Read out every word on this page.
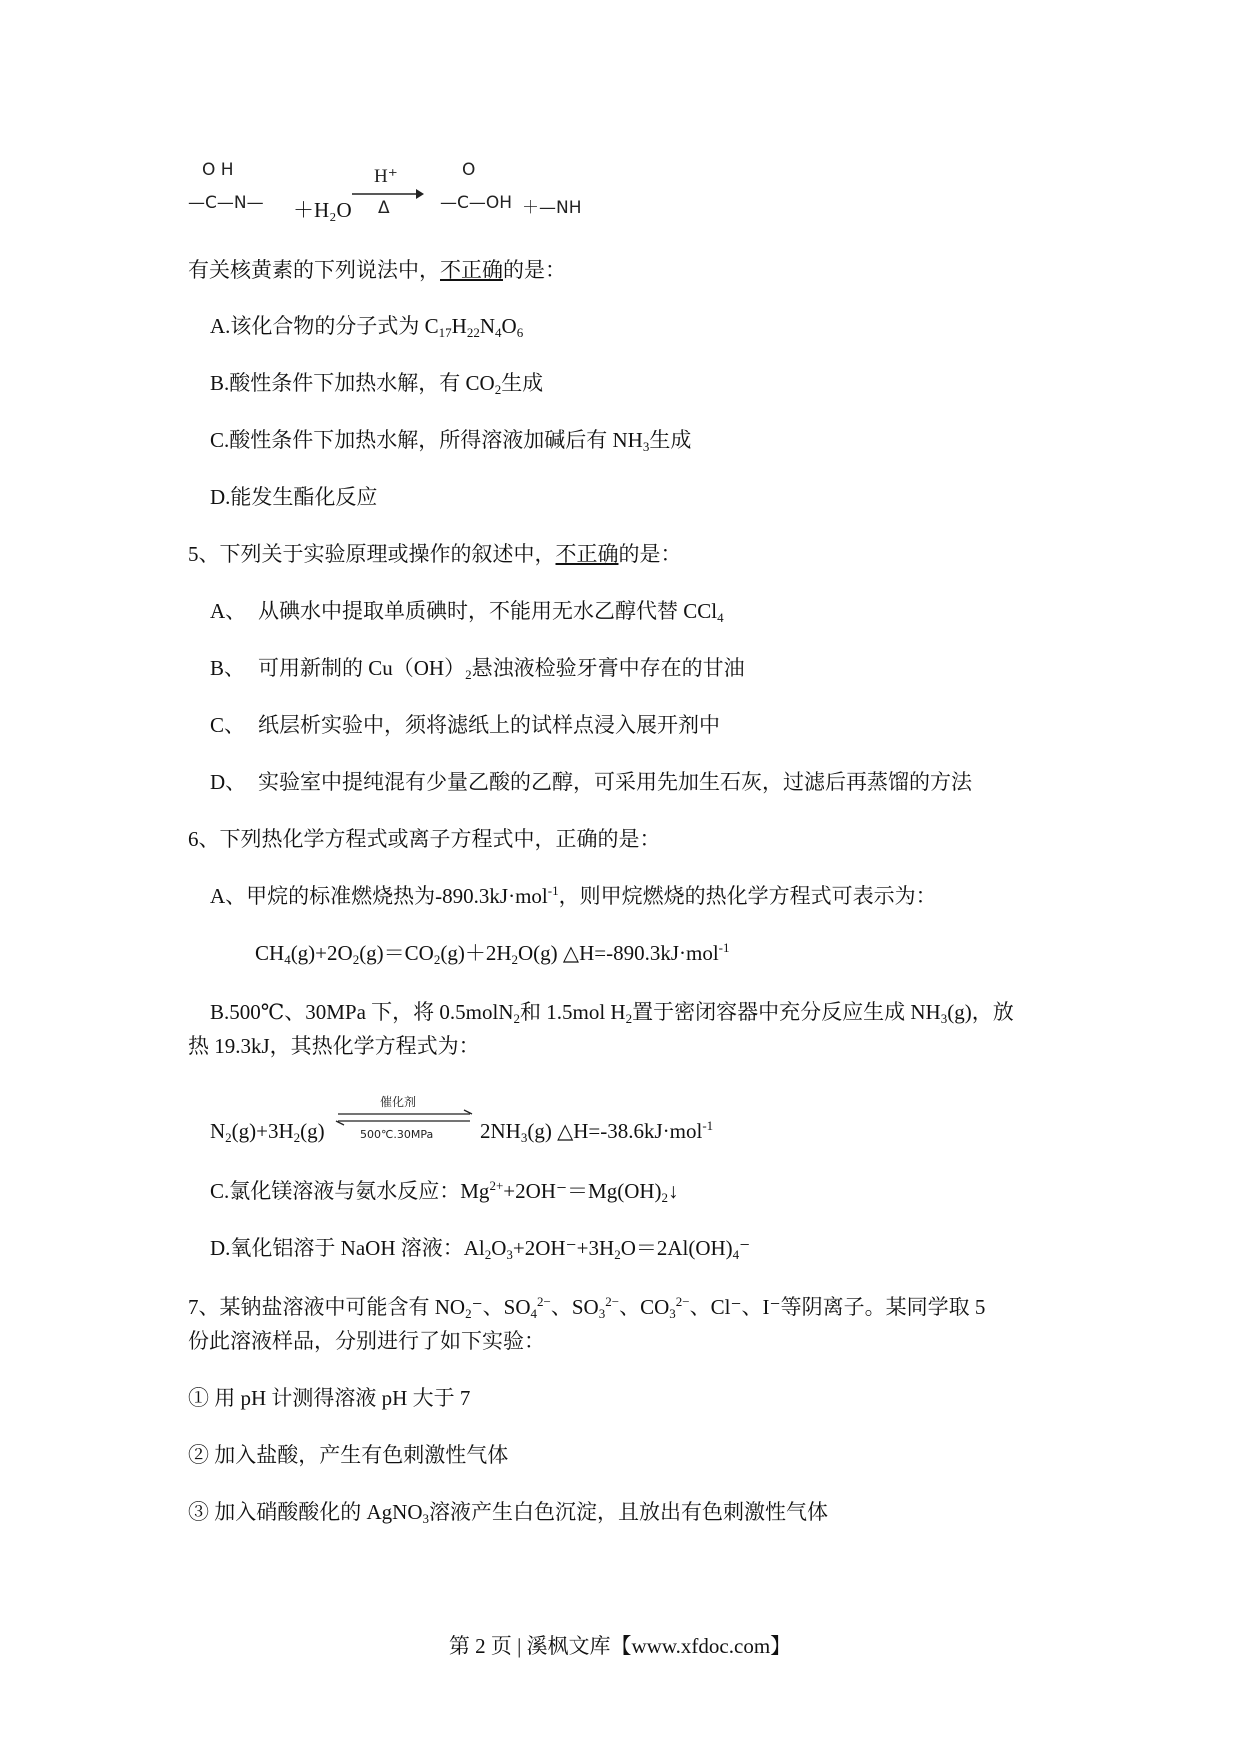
O H
—C—N— ＋H₂O
H⁺
Δ
O
—C—OH ＋—NH
有关核黄素的下列说法中，不正确的是：
A.该化合物的分子式为 $C_{17}H_{22}N_4O_6$
B.酸性条件下加热水解，有 $CO_2$生成
C.酸性条件下加热水解，所得溶液加碱后有 $NH_3$生成
D.能发生酯化反应
5、下列关于实验原理或操作的叙述中，不正确的是：
A、 从碘水中提取单质碘时，不能用无水乙醇代替 CCl$_4$
B、 可用新制的 $Cu(OH)_2$悬浊液检验牙膏中存在的甘油
C、 纸层析实验中，须将滤纸上的试样点浸入展开剂中
D、 实验室中提纯混有少量乙酸的乙醇，可采用先加生石灰，过滤后再蒸馏的方法
6、下列热化学方程式或离子方程式中，正确的是：
A、甲烷的标准燃烧热为-890.3kJ·mol$^{-1}$，则甲烷燃烧的热化学方程式可表示为：
$CH_4(g)+2O_2(g)=CO_2(g)+2H_2O(g)$ △H=-890.3kJ·mol$^{-1}$
B.500℃、30MPa 下，将 0.5molN$_2$和 1.5mol $H_2$置于密闭容器中充分反应生成 $NH_3(g)$，放
热 19.3kJ，其热化学方程式为：
$N_2(g)+3H_2(g)$
催化剂
500℃.30MPa $2NH_3(g)$ △H=-38.6kJ·mol$^{-1}$
C.氯化镁溶液与氨水反应：$Mg^{2+}+2OH^-=Mg(OH)_2↓$
D.氧化铝溶于 NaOH 溶液：$Al_2O_3+2OH^-+3H_2O=2Al(OH)_4^-$
7、某钠盐溶液中可能含有 $NO_2^-$、$SO_4^{2-}$、$SO_3^{2-}$、$CO_3^{2-}$、Cl⁻、I⁻等阴离子。某同学取 5
份此溶液样品，分别进行了如下实验：
① 用 pH 计测得溶液 pH 大于 7
② 加入盐酸，产生有色刺激性气体
③ 加入硝酸酸化的 AgNO$_3$溶液产生白色沉淀，且放出有色刺激性气体
第 2 页 | 溪枫文库【www.xfdoc.com】
